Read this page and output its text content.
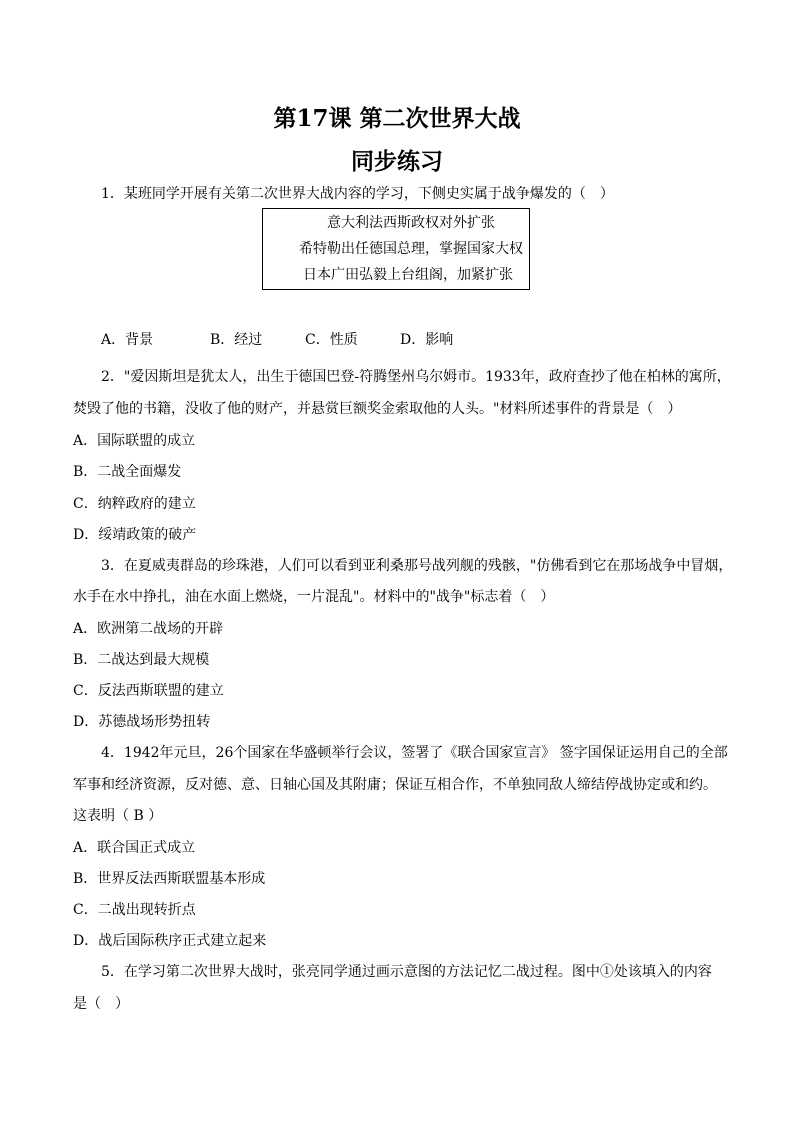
第17课 第二次世界大战
同步练习
1．某班同学开展有关第二次世界大战内容的学习，下侧史实属于战争爆发的（　）
意大利法西斯政权对外扩张
希特勒出任德国总理，掌握国家大权
日本广田弘毅上台组阁，加紧扩张
A．背景	B．经过	C．性质	D．影响
2．"爱因斯坦是犹太人，出生于德国巴登-符腾堡州乌尔姆市。1933年，政府查抄了他在柏林的寓所，
焚毁了他的书籍，没收了他的财产，并悬赏巨额奖金索取他的人头。"材料所述事件的背景是（　）
A．国际联盟的成立
B．二战全面爆发
C．纳粹政府的建立
D．绥靖政策的破产
3．在夏威夷群岛的珍珠港，人们可以看到亚利桑那号战列舰的残骸，"仿佛看到它在那场战争中冒烟，
水手在水中挣扎，油在水面上燃烧，一片混乱"。材料中的"战争"标志着（　）
A．欧洲第二战场的开辟
B．二战达到最大规模
C．反法西斯联盟的建立
D．苏德战场形势扭转
4．1942年元旦，26个国家在华盛顿举行会议，签署了《联合国家宣言》 签字国保证运用自己的全部
军事和经济资源，反对德、意、日轴心国及其附庸；保证互相合作，不单独同敌人缔结停战协定或和约。
这表明（ B ）
A．联合国正式成立
B．世界反法西斯联盟基本形成
C．二战出现转折点
D．战后国际秩序正式建立起来
5．在学习第二次世界大战时，张亮同学通过画示意图的方法记忆二战过程。图中①处该填入的内容
是（　）
